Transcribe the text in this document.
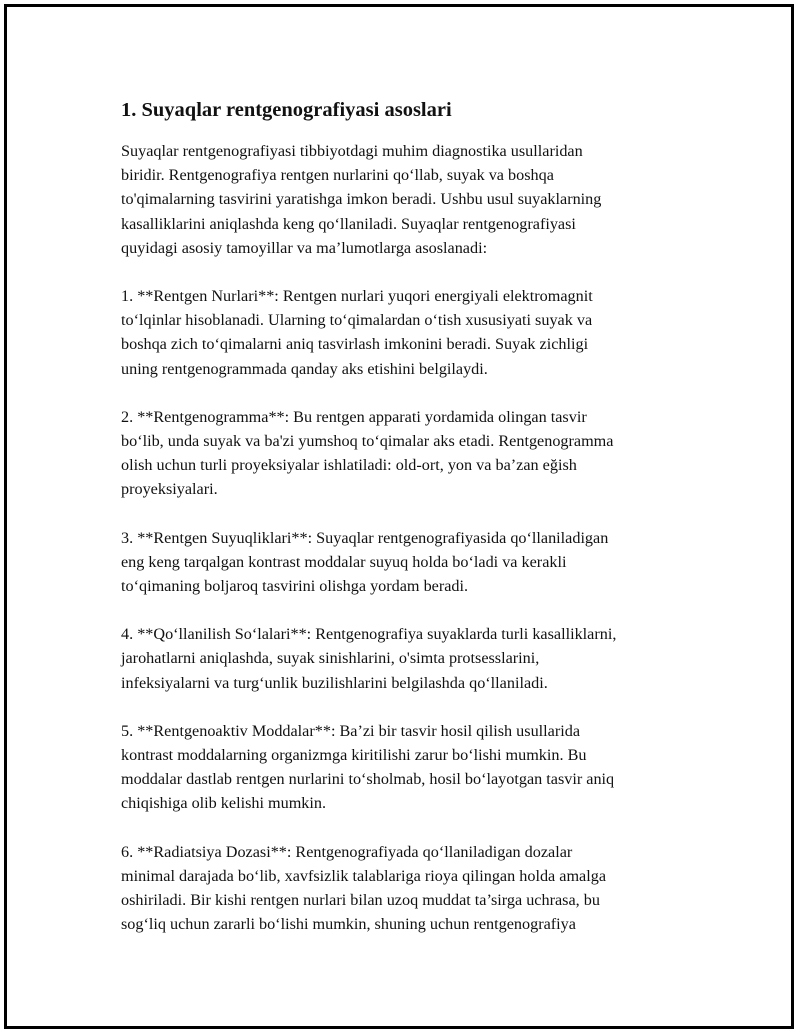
1. Suyaqlar rentgenografiyasi asoslari

Suyaqlar rentgenografiyasi tibbiyotdagi muhim diagnostika usullaridan
biridir. Rentgenografiya rentgen nurlarini qo‘llab, suyak va boshqa
to'qimalarning tasvirini yaratishga imkon beradi. Ushbu usul suyaklarning
kasalliklarini aniqlashda keng qo‘llaniladi. Suyaqlar rentgenografiyasi
quyidagi asosiy tamoyillar va ma’lumotlarga asoslanadi:

1. **Rentgen Nurlari**: Rentgen nurlari yuqori energiyali elektromagnit
to‘lqinlar hisoblanadi. Ularning to‘qimalardan o‘tish xususiyati suyak va
boshqa zich to‘qimalarni aniq tasvirlash imkonini beradi. Suyak zichligi
uning rentgenogrammada qanday aks etishini belgilaydi.

2. **Rentgenogramma**: Bu rentgen apparati yordamida olingan tasvir
bo‘lib, unda suyak va ba'zi yumshoq to‘qimalar aks etadi. Rentgenogramma
olish uchun turli proyeksiyalar ishlatiladi: old-ort, yon va ba’zan eğish
proyeksiyalari.

3. **Rentgen Suyuqliklari**: Suyaqlar rentgenografiyasida qo‘llaniladigan
eng keng tarqalgan kontrast moddalar suyuq holda bo‘ladi va kerakli
to‘qimaning boljaroq tasvirini olishga yordam beradi.

4. **Qo‘llanilish So‘lalari**: Rentgenografiya suyaklarda turli kasalliklarni,
jarohatlarni aniqlashda, suyak sinishlarini, o'simta protsesslarini,
infeksiyalarni va turg‘unlik buzilishlarini belgilashda qo‘llaniladi.

5. **Rentgenoaktiv Moddalar**: Ba’zi bir tasvir hosil qilish usullarida
kontrast moddalarning organizmga kiritilishi zarur bo‘lishi mumkin. Bu
moddalar dastlab rentgen nurlarini to‘sholmab, hosil bo‘layotgan tasvir aniq
chiqishiga olib kelishi mumkin.

6. **Radiatsiya Dozasi**: Rentgenografiyada qo‘llaniladigan dozalar
minimal darajada bo‘lib, xavfsizlik talablariga rioya qilingan holda amalga
oshiriladi. Bir kishi rentgen nurlari bilan uzoq muddat ta’sirga uchrasa, bu
sog‘liq uchun zararli bo‘lishi mumkin, shuning uchun rentgenografiya
